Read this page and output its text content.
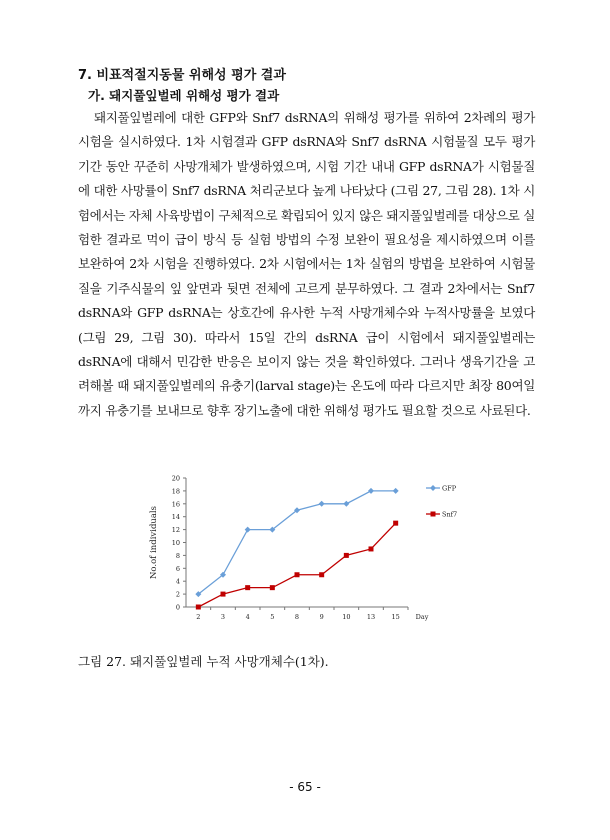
7. 비표적절지동물 위해성 평가 결과
가. 돼지풀잎벌레 위해성 평가 결과
돼지풀잎벌레에 대한 GFP와 Snf7 dsRNA의 위해성 평가를 위하여 2차례의 평가시험을 실시하였다. 1차 시험결과 GFP dsRNA와 Snf7 dsRNA 시험물질 모두 평가기간 동안 꾸준히 사망개체가 발생하였으며, 시험 기간 내내 GFP dsRNA가 시험물질에 대한 사망률이 Snf7 dsRNA 처리군보다 높게 나타났다 (그림 27, 그림 28). 1차 시험에서는 자체 사육방법이 구체적으로 확립되어 있지 않은 돼지풀잎벌레를 대상으로 실험한 결과로 먹이 급이 방식 등 실험 방법의 수정 보완이 필요성을 제시하였으며 이를 보완하여 2차 시험을 진행하였다. 2차 시험에서는 1차 실험의 방법을 보완하여 시험물질을 기주식물의 잎 앞면과 뒷면 전체에 고르게 분무하였다. 그 결과 2차에서는 Snf7 dsRNA와 GFP dsRNA는 상호간에 유사한 누적 사망개체수와 누적사망률을 보였다 (그림 29, 그림 30). 따라서 15일 간의 dsRNA 급이 시험에서 돼지풀잎벌레는 dsRNA에 대해서 민감한 반응은 보이지 않는 것을 확인하였다. 그러나 생육기간을 고려해볼 때 돼지풀잎벌레의 유충기(larval stage)는 온도에 따라 다르지만 최장 80여일까지 유충기를 보내므로 향후 장기노출에 대한 위해성 평가도 필요할 것으로 사료된다.
0
2
4
6
8
10
12
14
16
18
20
2	3	4	5	8	9	10	13	15 Day
No.of individuals
GFP
Snf7
그림 27. 돼지풀잎벌레 누적 사망개체수(1차).
- 65 -
